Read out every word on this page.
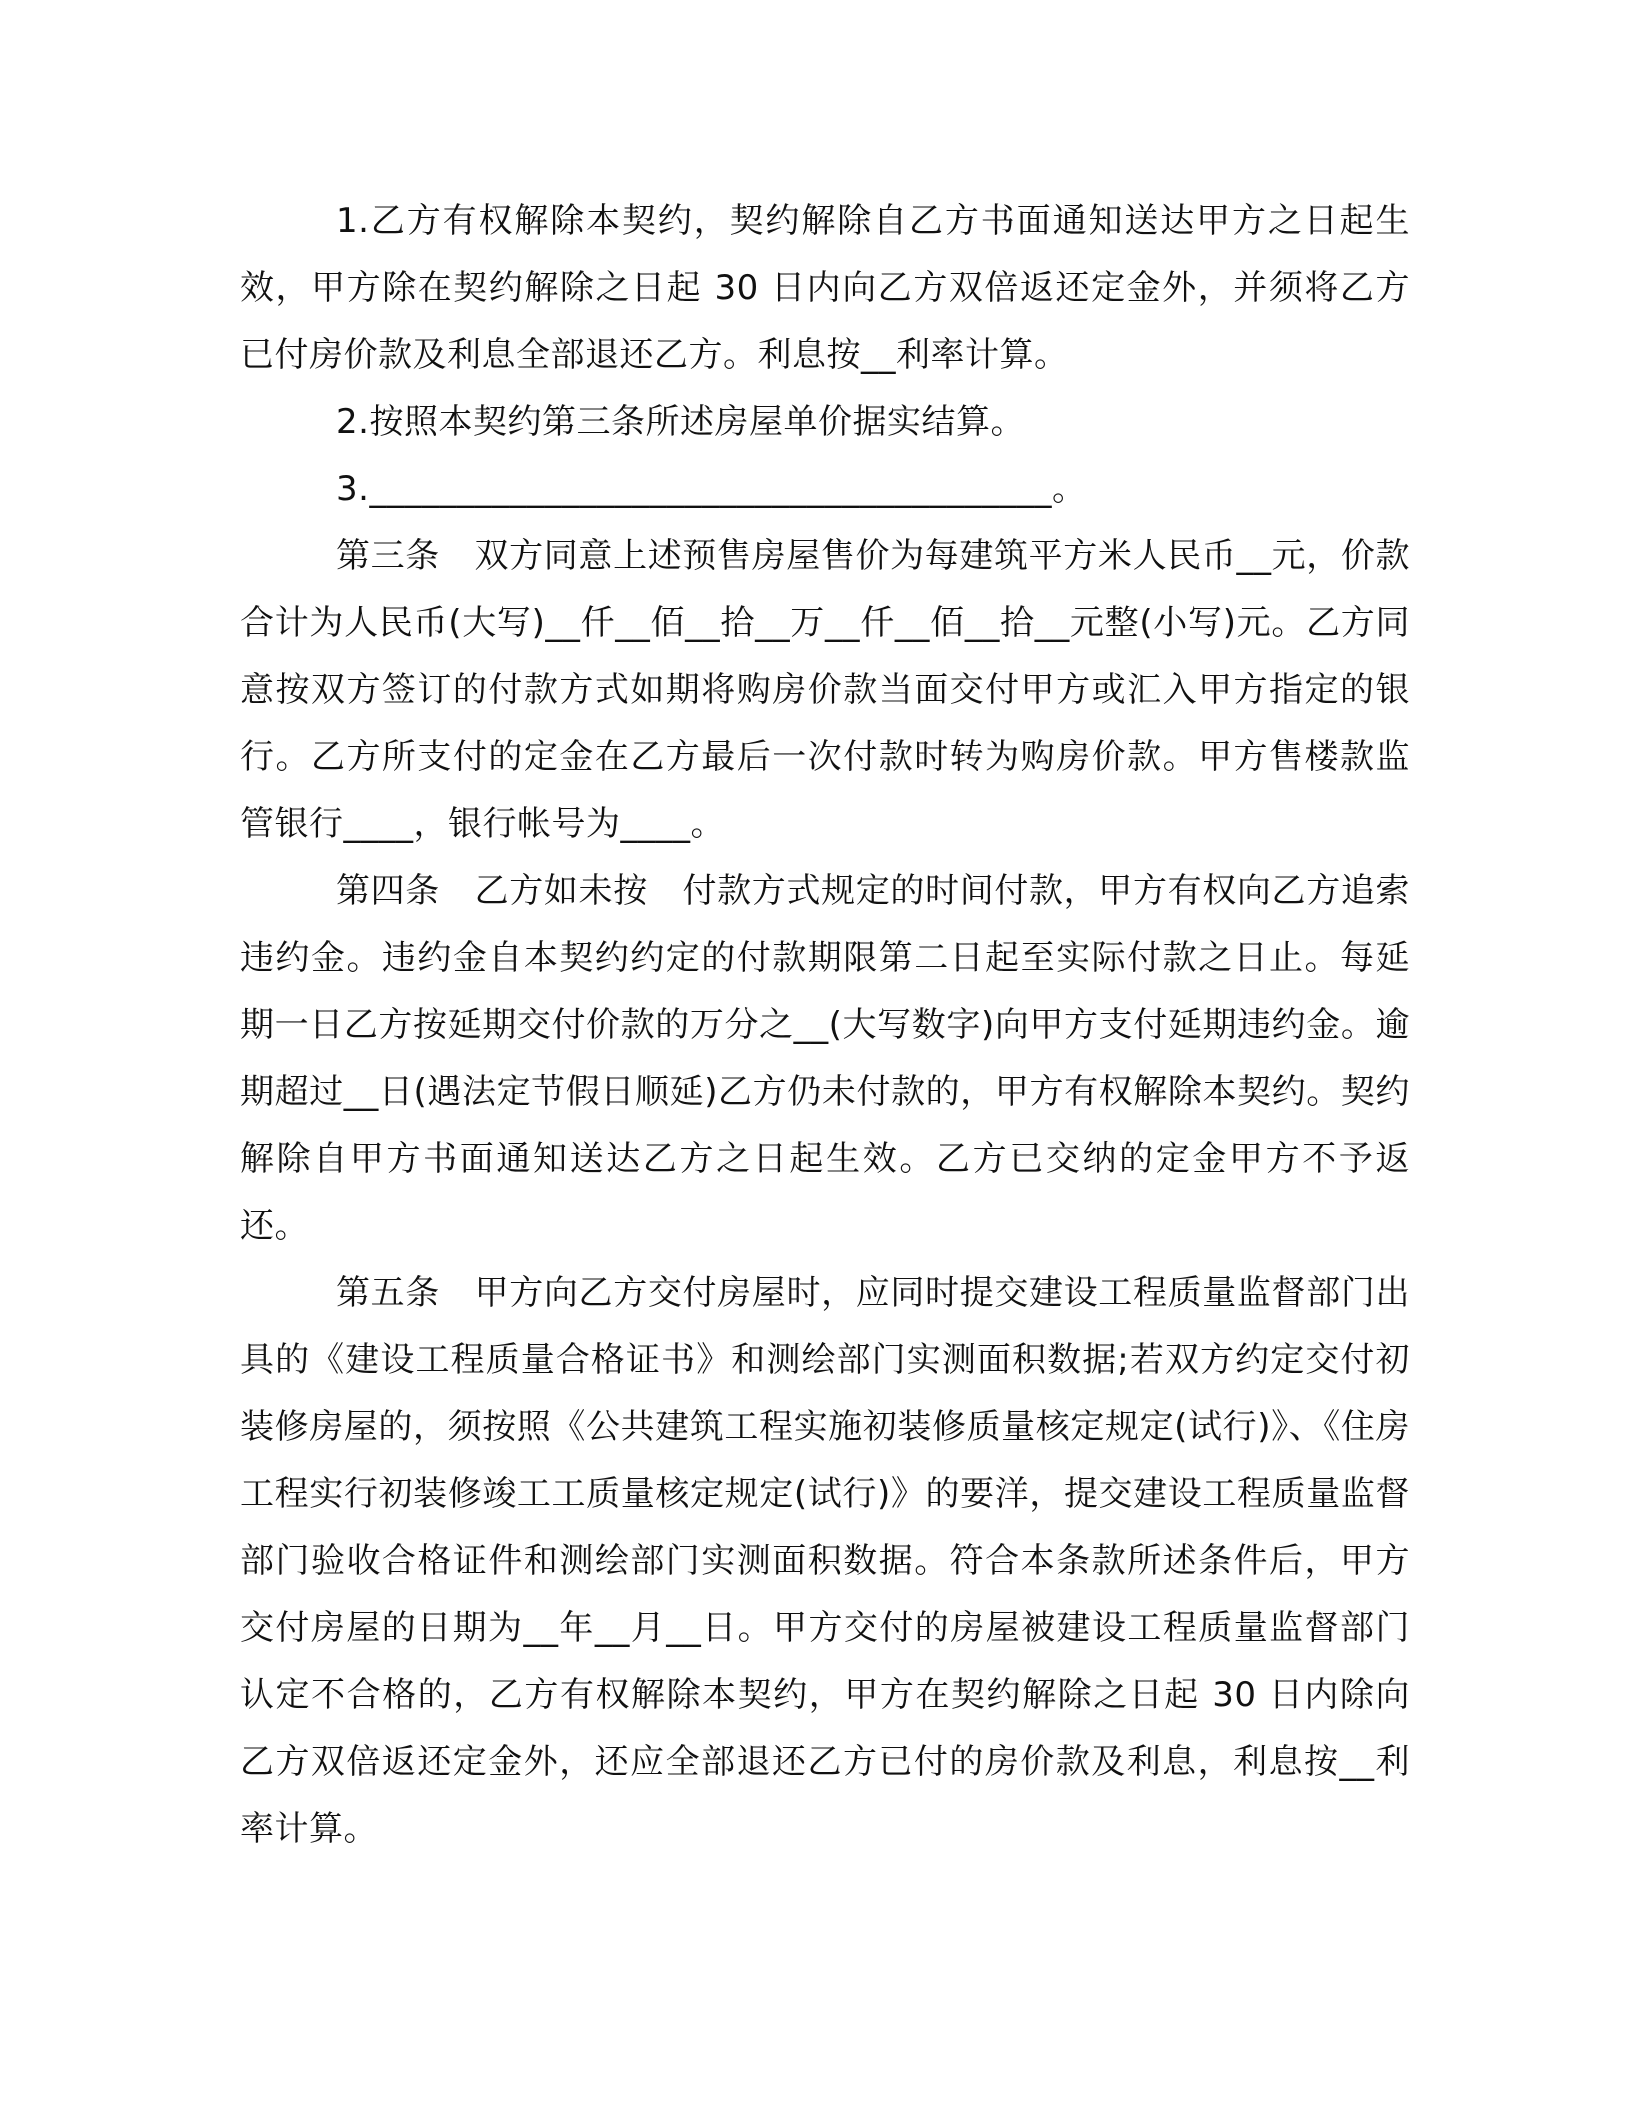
1.乙方有权解除本契约，契约解除自乙方书面通知送达甲方之日起生效，甲方除在契约解除之日起 30 日内向乙方双倍返还定金外，并须将乙方已付房价款及利息全部退还乙方。利息按__利率计算。

2.按照本契约第三条所述房屋单价据实结算。

3._______________________________________。

第三条　双方同意上述预售房屋售价为每建筑平方米人民币__元，价款合计为人民币(大写)__仟__佰__拾__万__仟__佰__拾__元整(小写)元。乙方同意按双方签订的付款方式如期将购房价款当面交付甲方或汇入甲方指定的银行。乙方所支付的定金在乙方最后一次付款时转为购房价款。甲方售楼款监管银行____，银行帐号为____。

第四条　乙方如未按　付款方式规定的时间付款，甲方有权向乙方追索违约金。违约金自本契约约定的付款期限第二日起至实际付款之日止。每延期一日乙方按延期交付价款的万分之__(大写数字)向甲方支付延期违约金。逾期超过__日(遇法定节假日顺延)乙方仍未付款的，甲方有权解除本契约。契约解除自甲方书面通知送达乙方之日起生效。乙方已交纳的定金甲方不予返还。

第五条　甲方向乙方交付房屋时，应同时提交建设工程质量监督部门出具的《建设工程质量合格证书》和测绘部门实测面积数据;若双方约定交付初装修房屋的，须按照《公共建筑工程实施初装修质量核定规定(试行)》、《住房工程实行初装修竣工工质量核定规定(试行)》的要洋，提交建设工程质量监督部门验收合格证件和测绘部门实测面积数据。符合本条款所述条件后，甲方交付房屋的日期为__年__月__日。甲方交付的房屋被建设工程质量监督部门认定不合格的，乙方有权解除本契约，甲方在契约解除之日起 30 日内除向乙方双倍返还定金外，还应全部退还乙方已付的房价款及利息，利息按__利率计算。
